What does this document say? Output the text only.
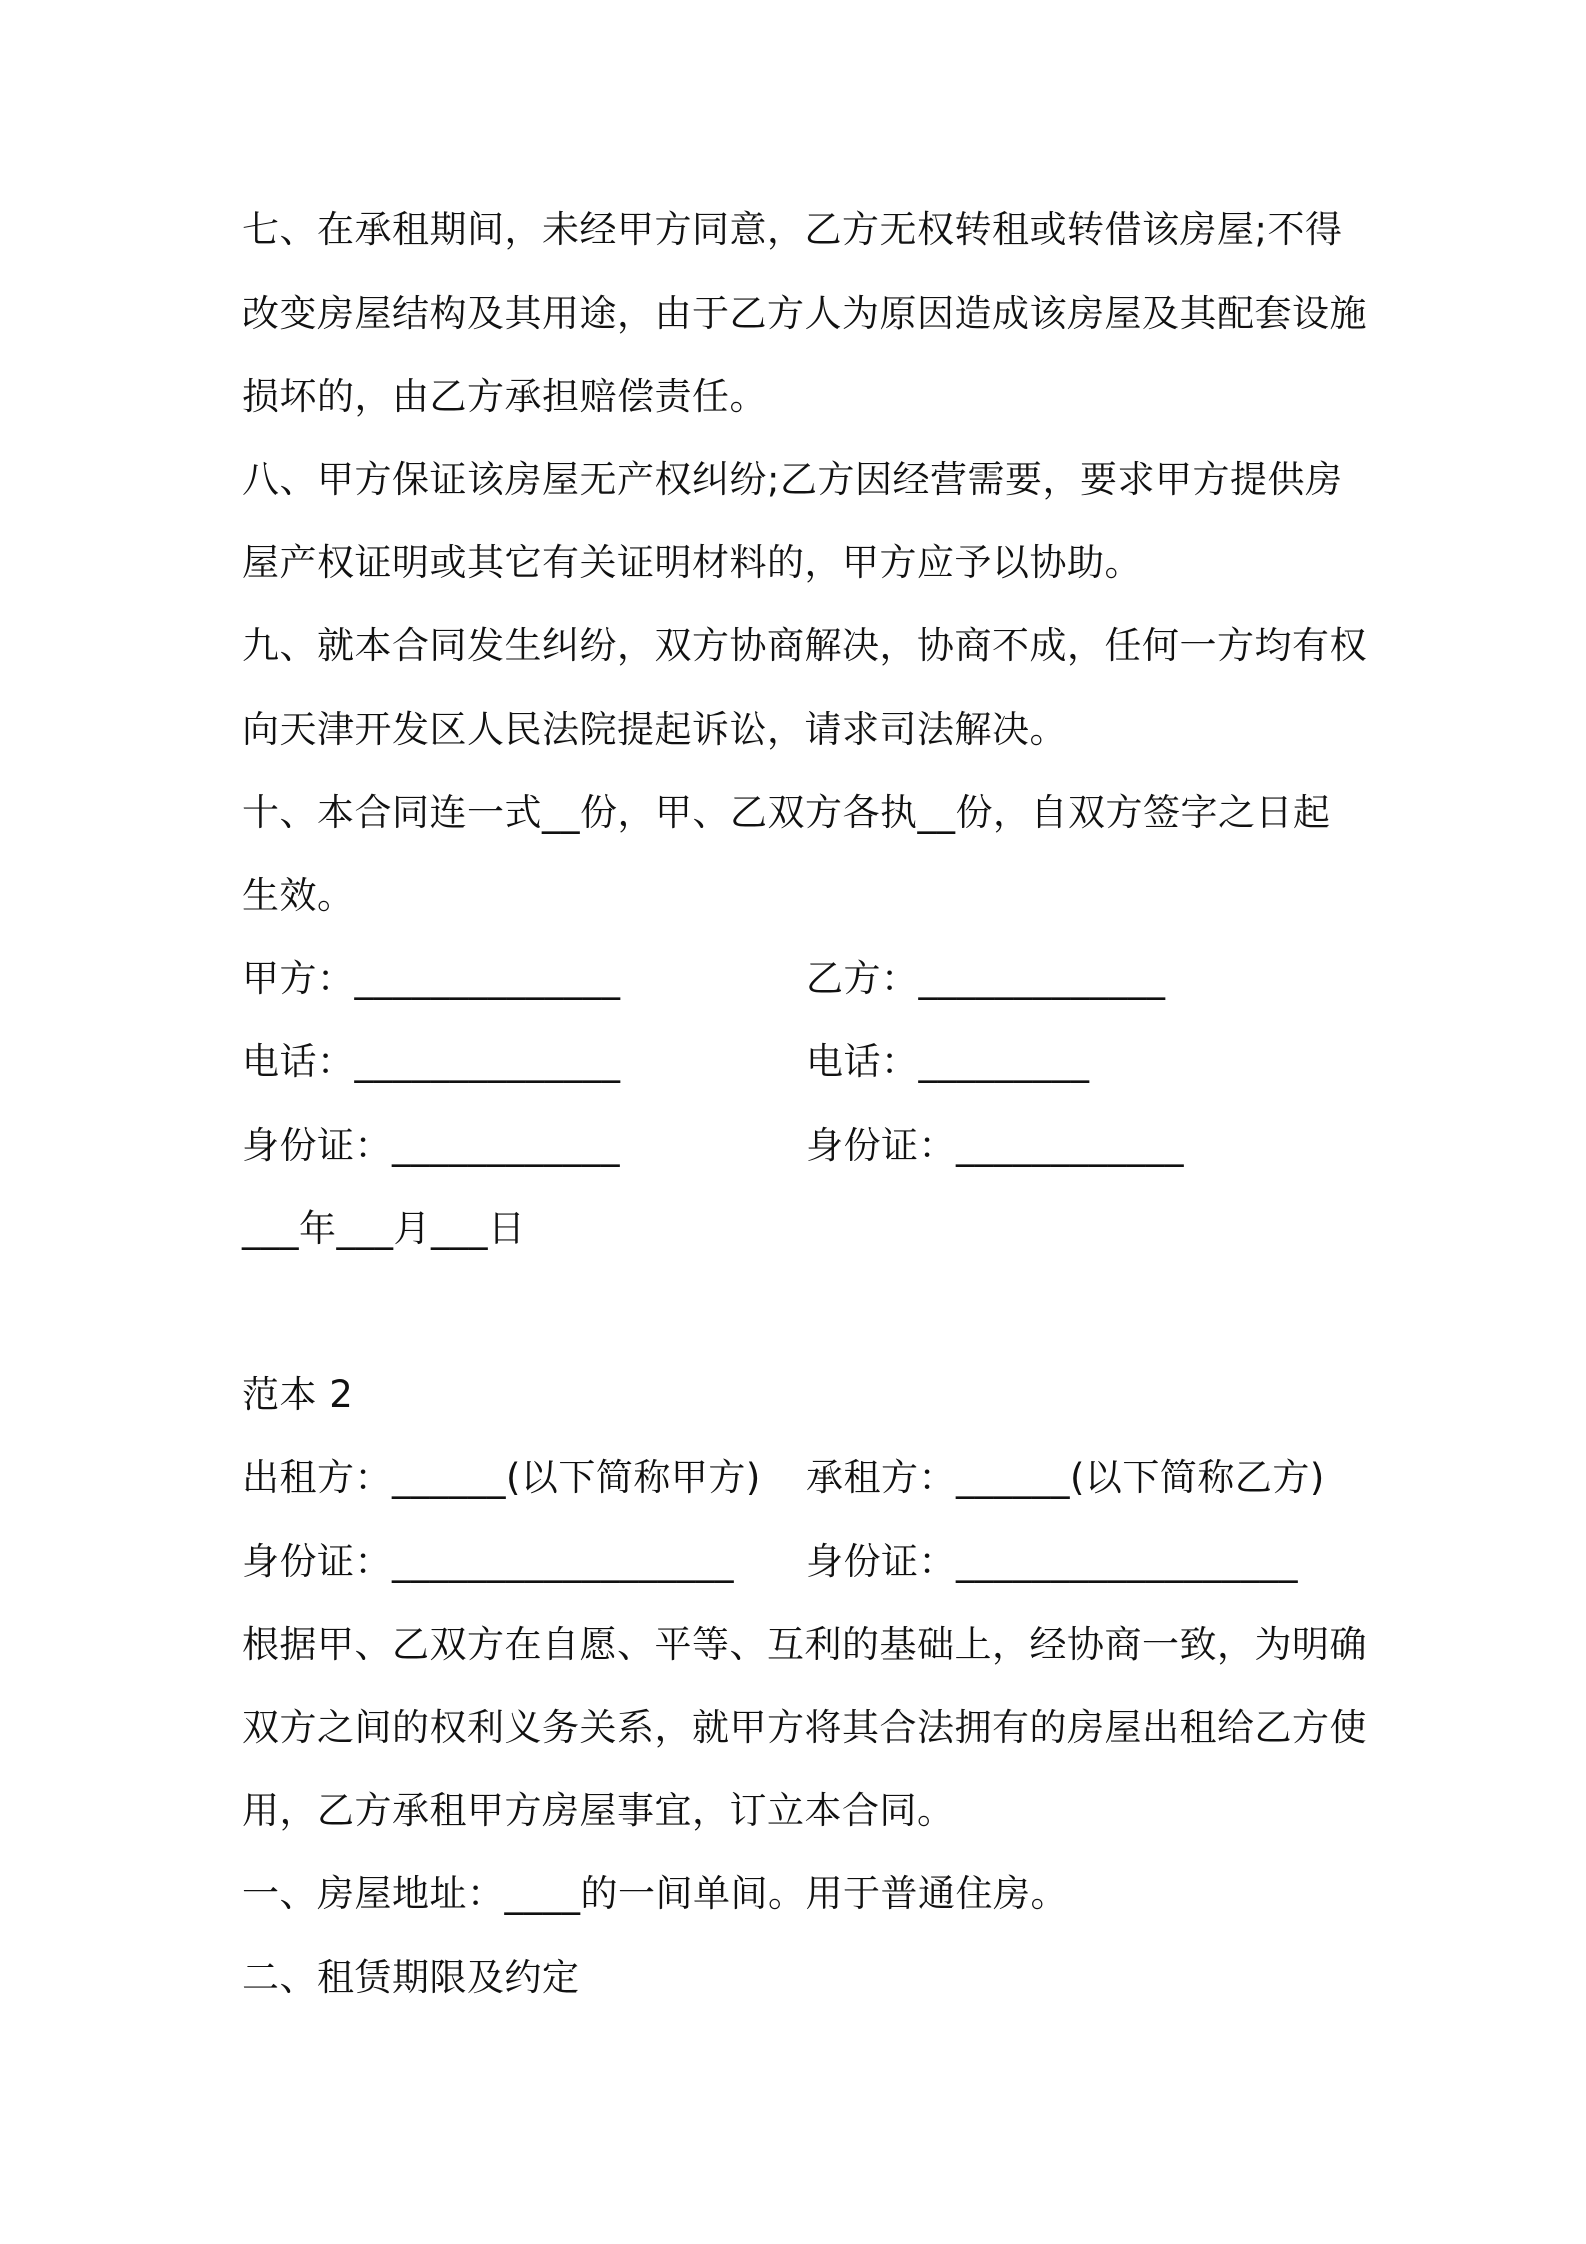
七、在承租期间，未经甲方同意，乙方无权转租或转借该房屋;不得
改变房屋结构及其用途，由于乙方人为原因造成该房屋及其配套设施
损坏的，由乙方承担赔偿责任。
八、甲方保证该房屋无产权纠纷;乙方因经营需要，要求甲方提供房
屋产权证明或其它有关证明材料的，甲方应予以协助。
九、就本合同发生纠纷，双方协商解决，协商不成，任何一方均有权
向天津开发区人民法院提起诉讼，请求司法解决。
十、本合同连一式__份，甲、乙双方各执__份，自双方签字之日起
生效。
甲方：______________	乙方：_____________
电话：______________	电话：_________
身份证：____________	身份证：____________
___年___月___日
范本 2
出租方：______(以下简称甲方) 承租方：______(以下简称乙方)
身份证：__________________ 身份证：__________________
根据甲、乙双方在自愿、平等、互利的基础上，经协商一致，为明确
双方之间的权利义务关系，就甲方将其合法拥有的房屋出租给乙方使
用，乙方承租甲方房屋事宜，订立本合同。
一、房屋地址：____的一间单间。用于普通住房。
二、租赁期限及约定
